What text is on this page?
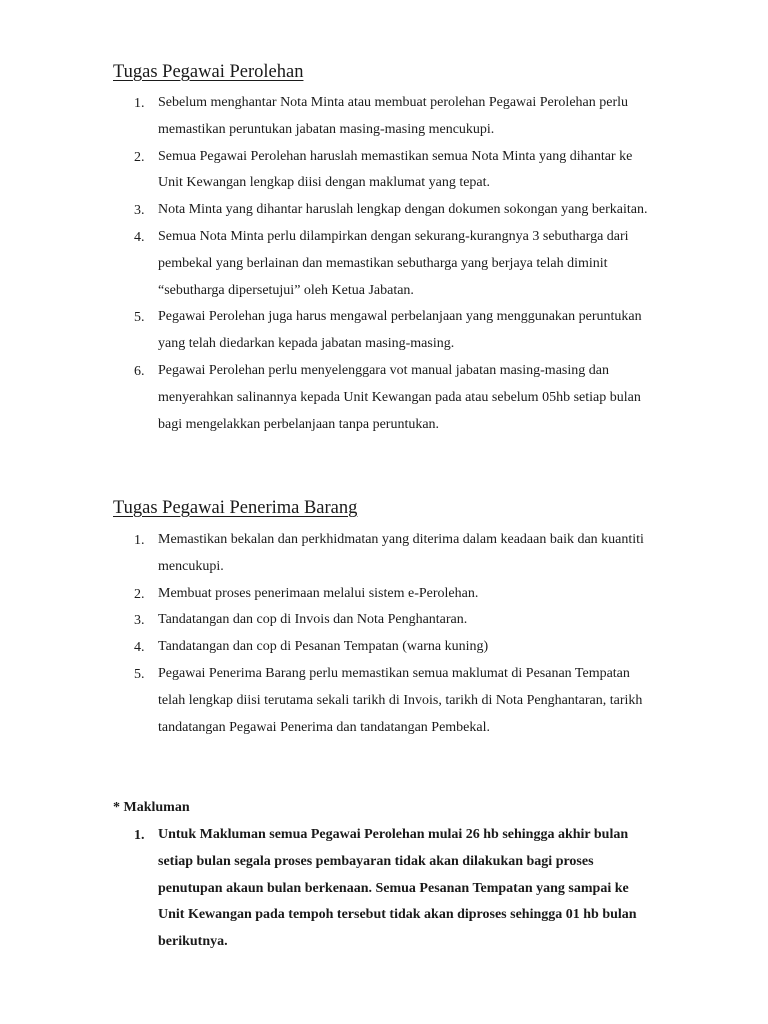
Tugas Pegawai Perolehan
1. Sebelum menghantar Nota Minta atau membuat perolehan Pegawai Perolehan perlu memastikan peruntukan jabatan masing-masing mencukupi.
2. Semua Pegawai Perolehan haruslah memastikan semua Nota Minta yang dihantar ke Unit Kewangan lengkap diisi dengan maklumat yang tepat.
3. Nota Minta yang dihantar haruslah lengkap dengan dokumen sokongan yang berkaitan.
4. Semua Nota Minta perlu dilampirkan dengan sekurang-kurangnya 3 sebutharga dari pembekal yang berlainan dan memastikan sebutharga yang berjaya telah diminit “sebutharga dipersetujui” oleh Ketua Jabatan.
5. Pegawai Perolehan juga harus mengawal perbelanjaan yang menggunakan peruntukan yang telah diedarkan kepada jabatan masing-masing.
6. Pegawai Perolehan perlu menyelenggara vot manual jabatan masing-masing dan menyerahkan salinannya kepada Unit Kewangan pada atau sebelum 05hb setiap bulan bagi mengelakkan perbelanjaan tanpa peruntukan.
Tugas Pegawai Penerima Barang
1. Memastikan bekalan dan perkhidmatan yang diterima dalam keadaan baik dan kuantiti mencukupi.
2. Membuat proses penerimaan melalui sistem e-Perolehan.
3. Tandatangan dan cop di Invois dan Nota Penghantaran.
4. Tandatangan dan cop di Pesanan Tempatan (warna kuning)
5. Pegawai Penerima Barang perlu memastikan semua maklumat di Pesanan Tempatan telah lengkap diisi terutama sekali tarikh di Invois, tarikh di Nota Penghantaran, tarikh tandatangan Pegawai Penerima dan tandatangan Pembekal.

* Makluman

1. Untuk Makluman semua Pegawai Perolehan mulai 26 hb sehingga akhir bulan setiap bulan segala proses pembayaran tidak akan dilakukan bagi proses penutupan akaun bulan berkenaan. Semua Pesanan Tempatan yang sampai ke Unit Kewangan pada tempoh tersebut tidak akan diproses sehingga 01 hb bulan berikutnya.
